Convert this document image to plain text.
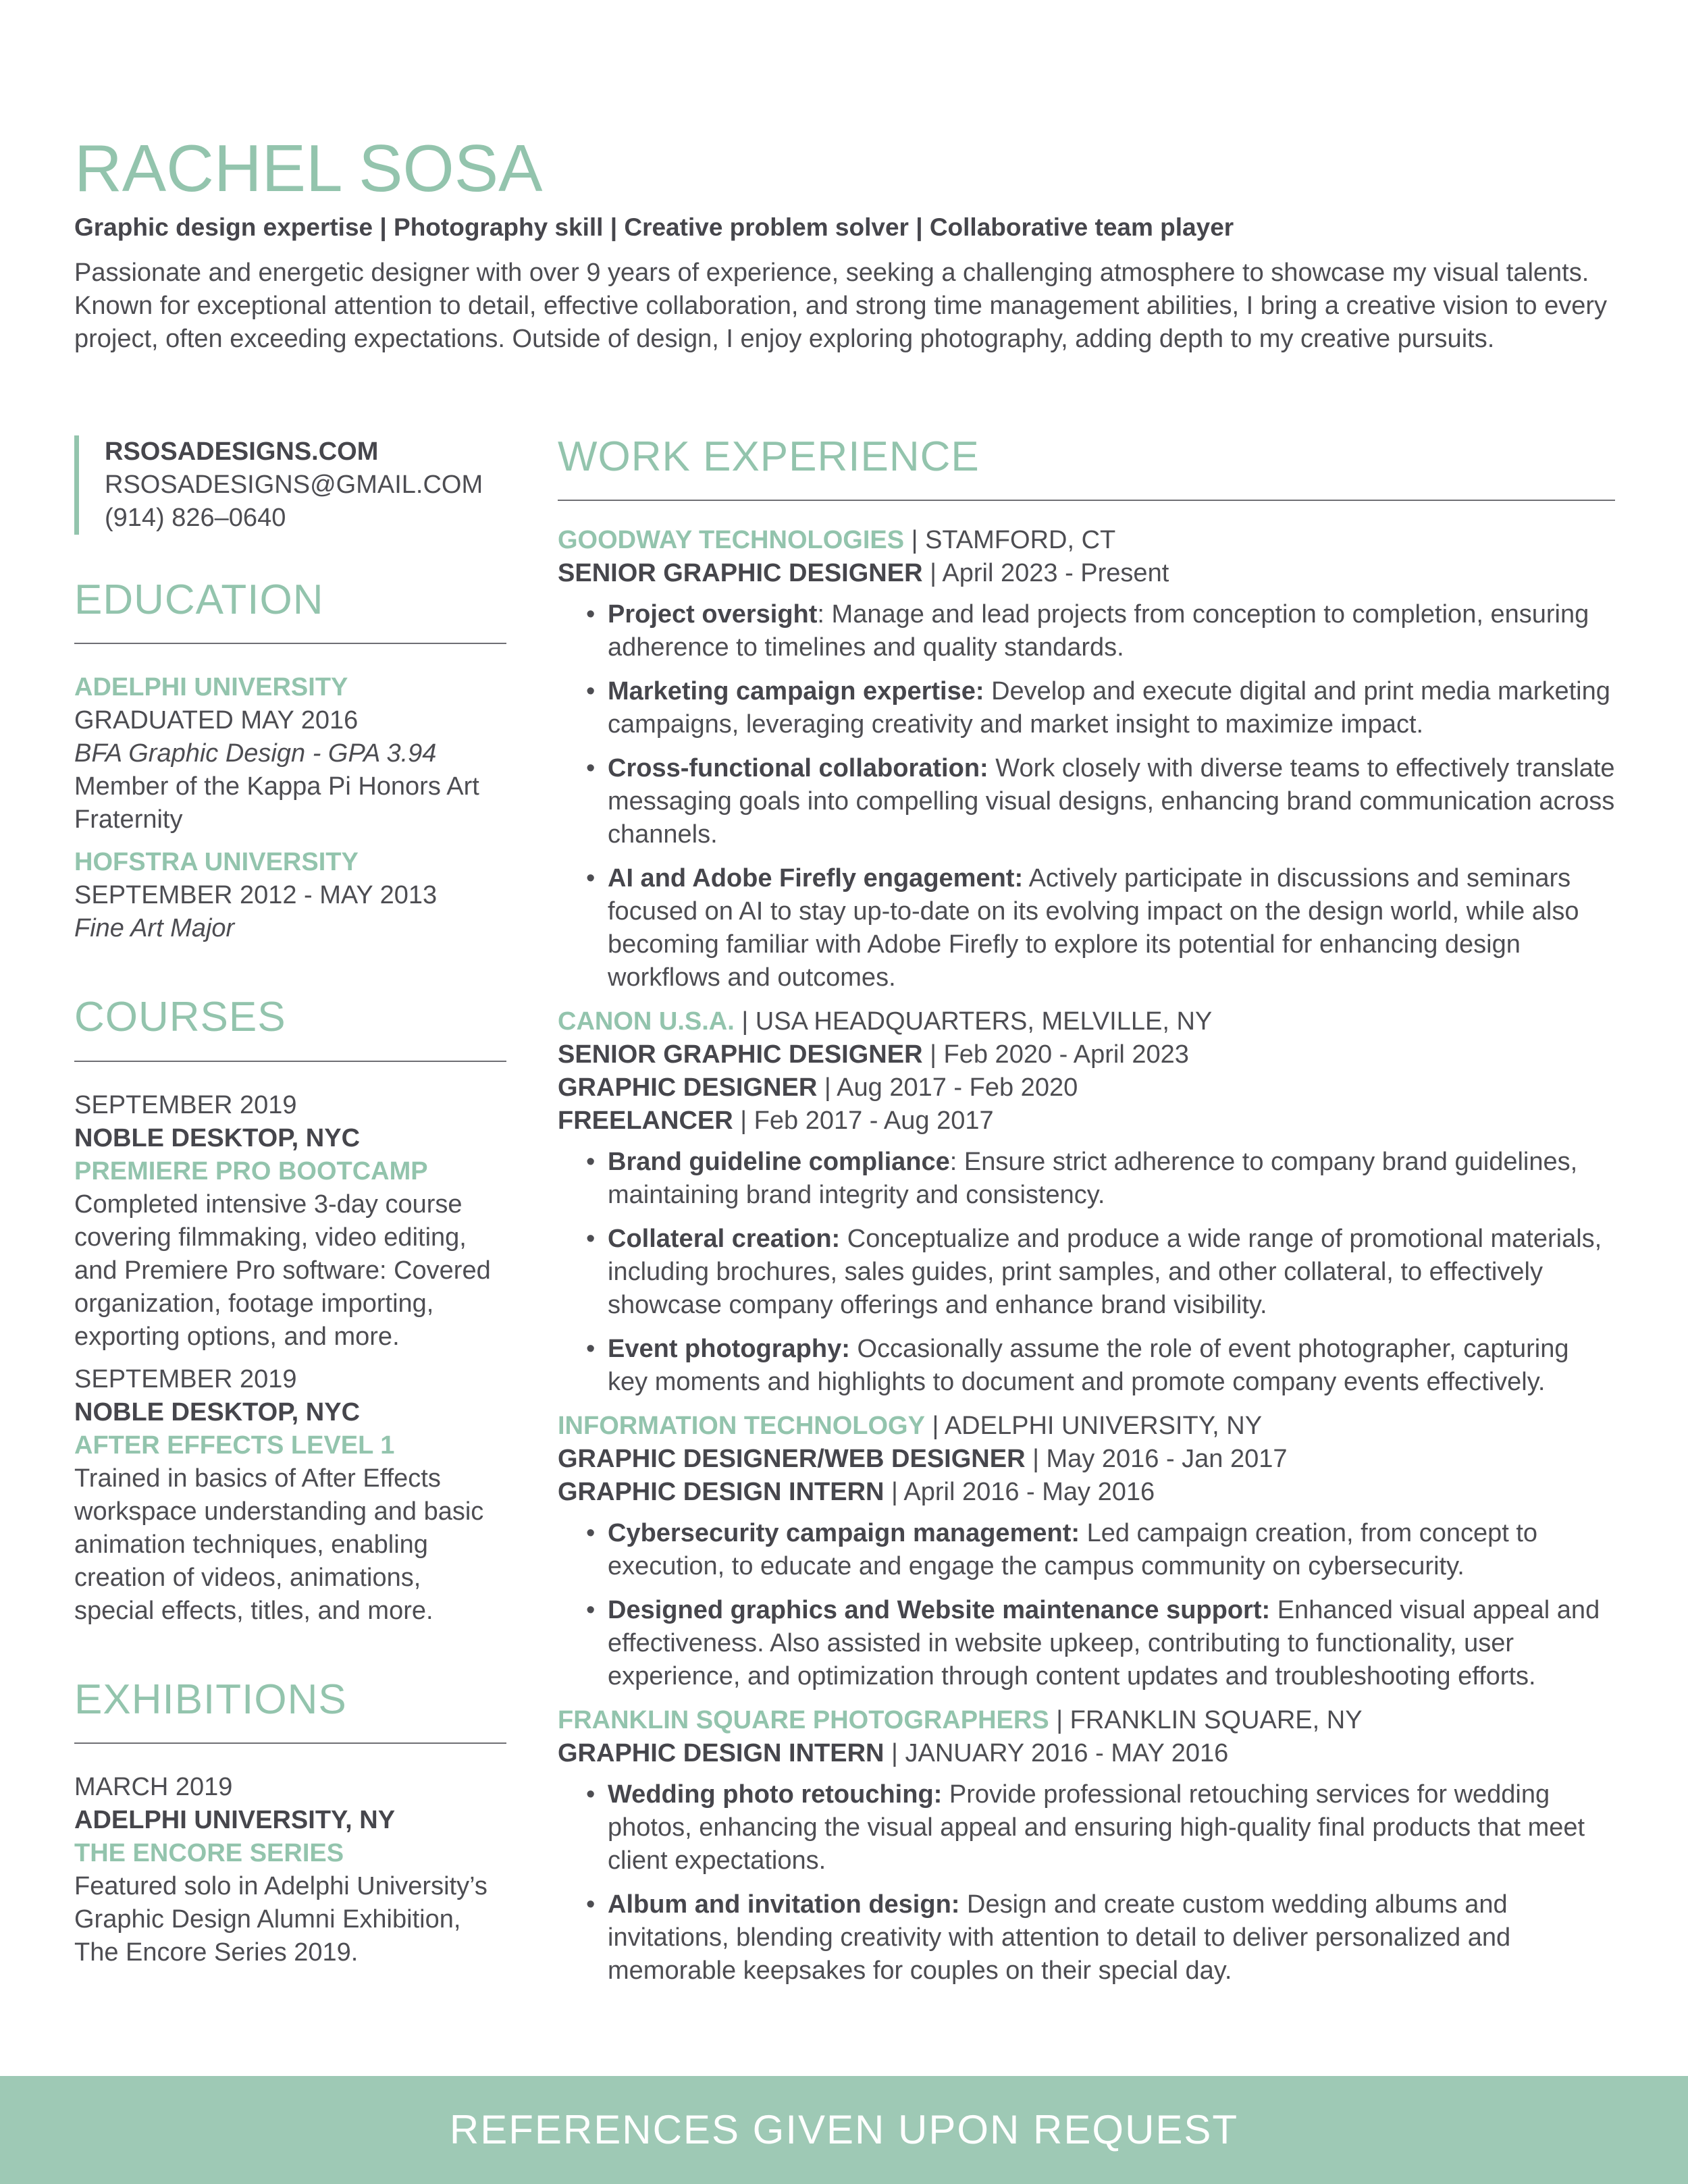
RACHEL SOSA

Graphic design expertise | Photography skill | Creative problem solver | Collaborative team player

Passionate and energetic designer with over 9 years of experience, seeking a challenging atmosphere to showcase my visual talents. Known for exceptional attention to detail, effective collaboration, and strong time management abilities, I bring a creative vision to every project, often exceeding expectations. Outside of design, I enjoy exploring photography, adding depth to my creative pursuits.

RSOSADESIGNS.COM
RSOSADESIGNS@GMAIL.COM
(914) 826–0640
EDUCATION
ADELPHI UNIVERSITY
GRADUATED MAY 2016
BFA Graphic Design - GPA 3.94
Member of the Kappa Pi Honors Art Fraternity
HOFSTRA UNIVERSITY
SEPTEMBER 2012 - MAY 2013
Fine Art Major
COURSES
SEPTEMBER 2019
NOBLE DESKTOP, NYC
PREMIERE PRO BOOTCAMP
Completed intensive 3-day course covering filmmaking, video editing, and Premiere Pro software: Covered organization, footage importing, exporting options, and more.
SEPTEMBER 2019
NOBLE DESKTOP, NYC
AFTER EFFECTS LEVEL 1
Trained in basics of After Effects workspace understanding and basic animation techniques, enabling creation of videos, animations, special effects, titles, and more.
EXHIBITIONS
MARCH 2019
ADELPHI UNIVERSITY, NY
THE ENCORE SERIES
Featured solo in Adelphi University’s Graphic Design Alumni Exhibition, The Encore Series 2019.
WORK EXPERIENCE
GOODWAY TECHNOLOGIES | STAMFORD, CT
SENIOR GRAPHIC DESIGNER | April 2023 - Present
• Project oversight: Manage and lead projects from conception to completion, ensuring adherence to timelines and quality standards.
• Marketing campaign expertise: Develop and execute digital and print media marketing campaigns, leveraging creativity and market insight to maximize impact.
• Cross-functional collaboration: Work closely with diverse teams to effectively translate messaging goals into compelling visual designs, enhancing brand communication across channels.
• AI and Adobe Firefly engagement: Actively participate in discussions and seminars focused on AI to stay up-to-date on its evolving impact on the design world, while also becoming familiar with Adobe Firefly to explore its potential for enhancing design workflows and outcomes.
CANON U.S.A. | USA HEADQUARTERS, MELVILLE, NY
SENIOR GRAPHIC DESIGNER | Feb 2020 - April 2023
GRAPHIC DESIGNER | Aug 2017 - Feb 2020
FREELANCER | Feb 2017 - Aug 2017
• Brand guideline compliance: Ensure strict adherence to company brand guidelines, maintaining brand integrity and consistency.
• Collateral creation: Conceptualize and produce a wide range of promotional materials, including brochures, sales guides, print samples, and other collateral, to effectively showcase company offerings and enhance brand visibility.
• Event photography: Occasionally assume the role of event photographer, capturing key moments and highlights to document and promote company events effectively.
INFORMATION TECHNOLOGY | ADELPHI UNIVERSITY, NY
GRAPHIC DESIGNER/WEB DESIGNER | May 2016 - Jan 2017
GRAPHIC DESIGN INTERN | April 2016 - May 2016
• Cybersecurity campaign management: Led campaign creation, from concept to execution, to educate and engage the campus community on cybersecurity.
• Designed graphics and Website maintenance support: Enhanced visual appeal and effectiveness. Also assisted in website upkeep, contributing to functionality, user experience, and optimization through content updates and troubleshooting efforts.
FRANKLIN SQUARE PHOTOGRAPHERS | FRANKLIN SQUARE, NY
GRAPHIC DESIGN INTERN | JANUARY 2016 - MAY 2016
• Wedding photo retouching: Provide professional retouching services for wedding photos, enhancing the visual appeal and ensuring high-quality final products that meet client expectations.
• Album and invitation design: Design and create custom wedding albums and invitations, blending creativity with attention to detail to deliver personalized and memorable keepsakes for couples on their special day.
REFERENCES GIVEN UPON REQUEST
